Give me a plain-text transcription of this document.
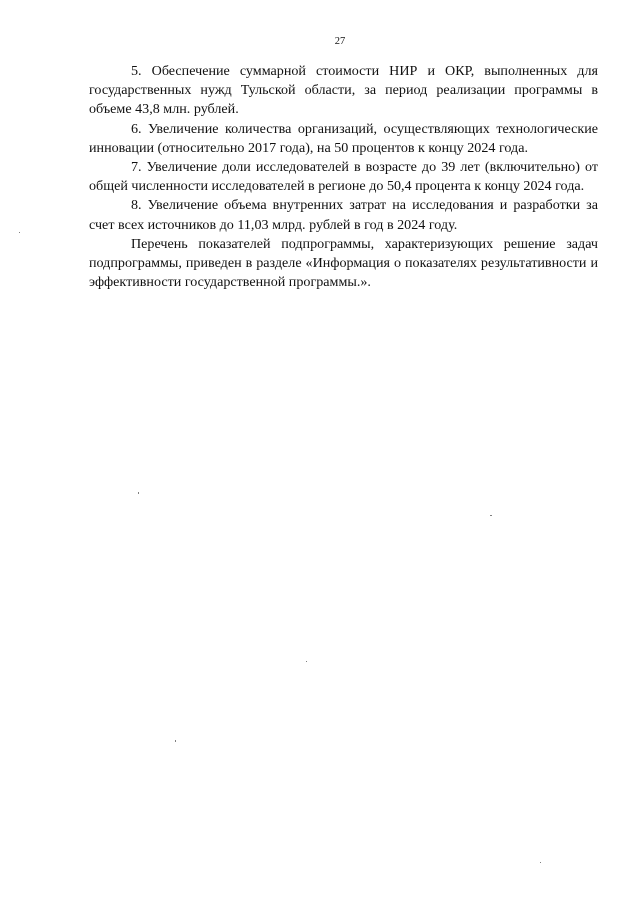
27

5. Обеспечение суммарной стоимости НИР и ОКР, выполненных для государственных нужд Тульской области, за период реализации программы в объеме 43,8 млн. рублей.

6. Увеличение количества организаций, осуществляющих технологические инновации (относительно 2017 года), на 50 процентов к концу 2024 года.

7. Увеличение доли исследователей в возрасте до 39 лет (включительно) от общей численности исследователей в регионе до 50,4 процента к концу 2024 года.

8. Увеличение объема внутренних затрат на исследования и разработки за счет всех источников до 11,03 млрд. рублей в год в 2024 году.

Перечень показателей подпрограммы, характеризующих решение задач подпрограммы, приведен в разделе «Информация о показателях результативности и эффективности государственной программы.».
